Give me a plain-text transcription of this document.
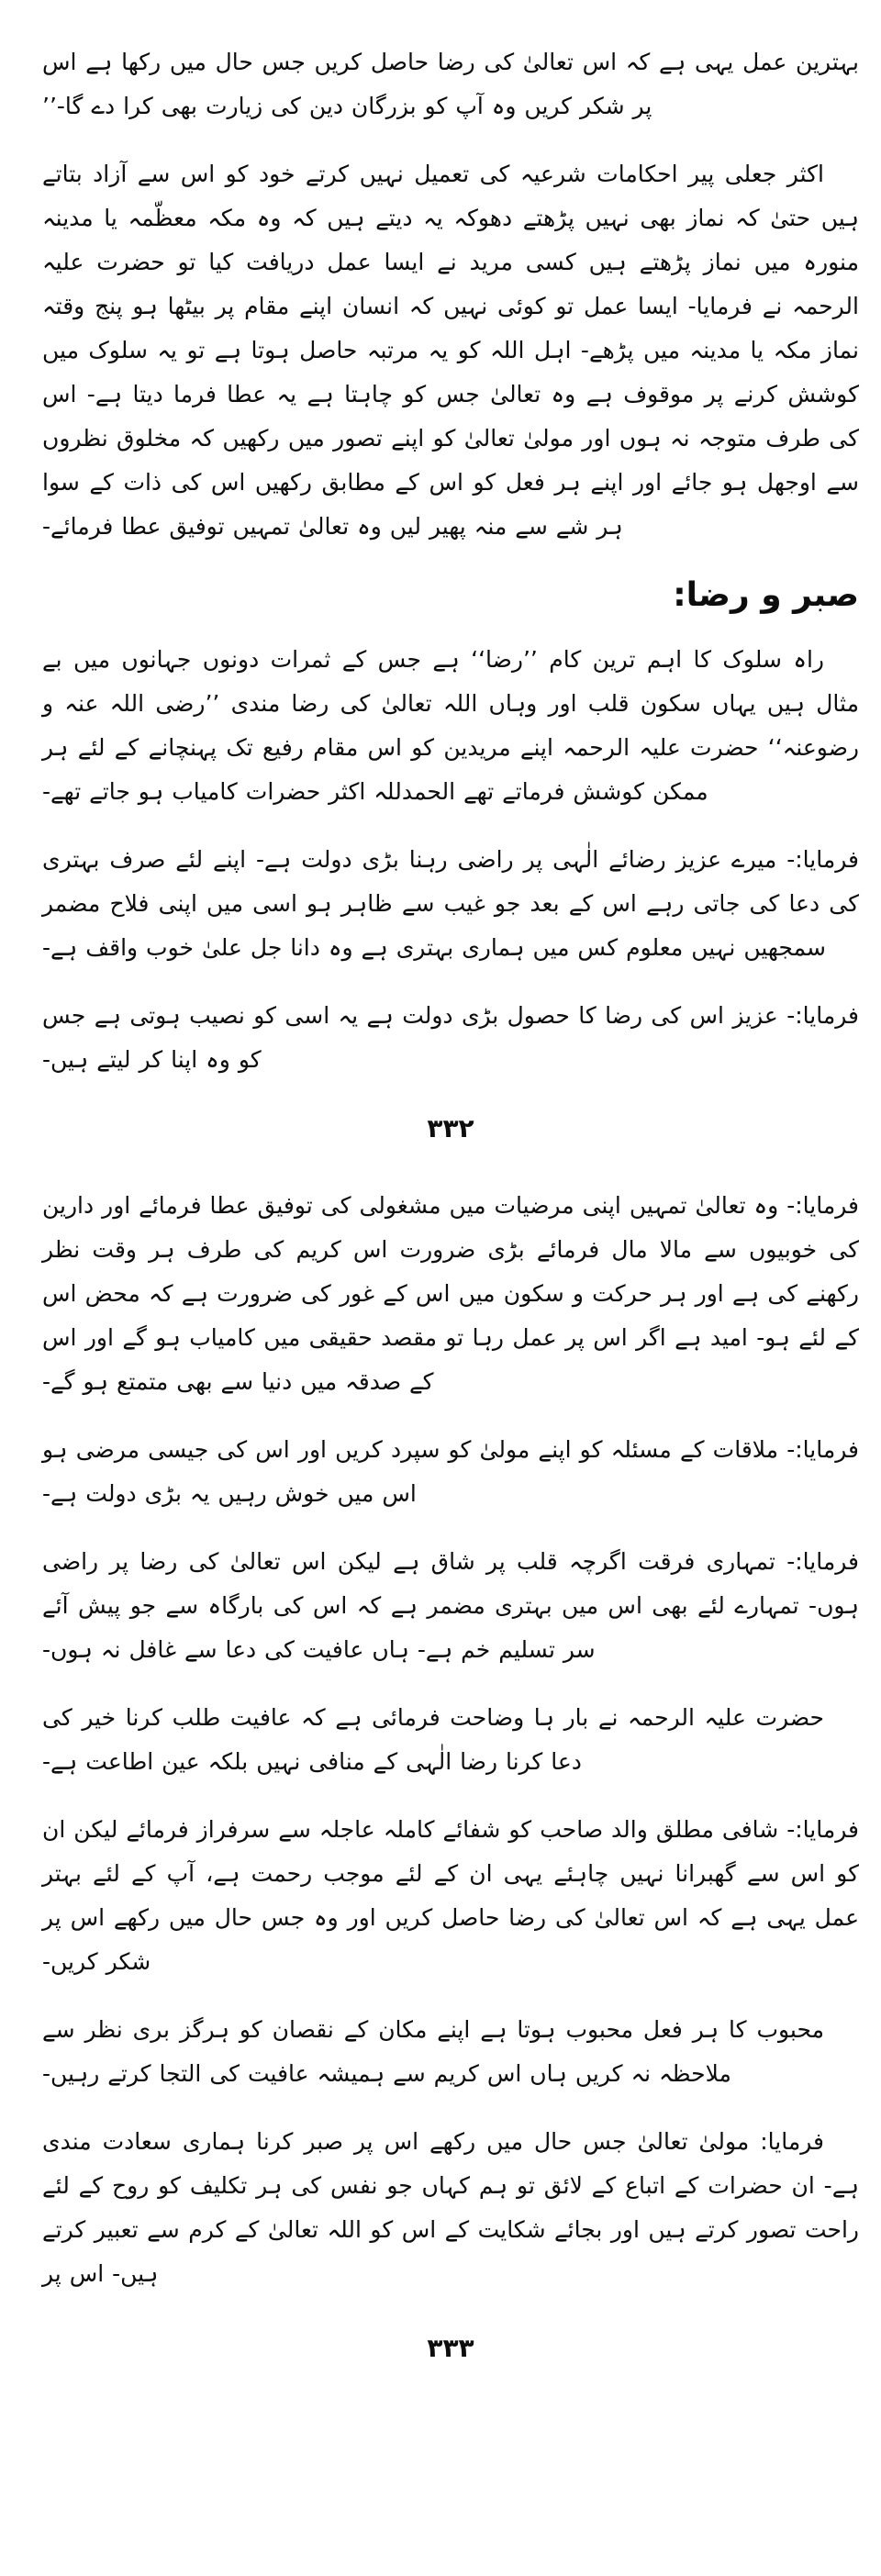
بہترین عمل یہی ہے کہ اس تعالیٰ کی رضا حاصل کریں جس حال میں رکھا ہے اس پر شکر کریں وہ آپ کو بزرگان دین کی زیارت بھی کرا دے گا-’’

اکثر جعلی پیر احکامات شرعیہ کی تعمیل نہیں کرتے خود کو اس سے آزاد بتاتے ہیں حتیٰ کہ نماز بھی نہیں پڑھتے دھوکہ یہ دیتے ہیں کہ وہ مکہ معظّمہ یا مدینہ منورہ میں نماز پڑھتے ہیں کسی مرید نے ایسا عمل دریافت کیا تو حضرت علیہ الرحمہ نے فرمایا- ایسا عمل تو کوئی نہیں کہ انسان اپنے مقام پر بیٹھا ہو پنج وقتہ نماز مکہ یا مدینہ میں پڑھے- اہل اللہ کو یہ مرتبہ حاصل ہوتا ہے تو یہ سلوک میں کوشش کرنے پر موقوف ہے وہ تعالیٰ جس کو چاہتا ہے یہ عطا فرما دیتا ہے- اس کی طرف متوجہ نہ ہوں اور مولیٰ تعالیٰ کو اپنے تصور میں رکھیں کہ مخلوق نظروں سے اوجھل ہو جائے اور اپنے ہر فعل کو اس کے مطابق رکھیں اس کی ذات کے سوا ہر شے سے منہ پھیر لیں وہ تعالیٰ تمہیں توفیق عطا فرمائے-

صبر و رضا:

راہ سلوک کا اہم ترین کام ’’رضا‘‘ ہے جس کے ثمرات دونوں جہانوں میں بے مثال ہیں یہاں سکون قلب اور وہاں اللہ تعالیٰ کی رضا مندی ’’رضی اللہ عنہ و رضوعنہ‘‘ حضرت علیہ الرحمہ اپنے مریدین کو اس مقام رفیع تک پہنچانے کے لئے ہر ممکن کوشش فرماتے تھے الحمدللہ اکثر حضرات کامیاب ہو جاتے تھے-

فرمایا:- میرے عزیز رضائے الٰہی پر راضی رہنا بڑی دولت ہے- اپنے لئے صرف بہتری کی دعا کی جاتی رہے اس کے بعد جو غیب سے ظاہر ہو اسی میں اپنی فلاح مضمر سمجھیں نہیں معلوم کس میں ہماری بہتری ہے وہ دانا جل علیٰ خوب واقف ہے-

فرمایا:- عزیز اس کی رضا کا حصول بڑی دولت ہے یہ اسی کو نصیب ہوتی ہے جس کو وہ اپنا کر لیتے ہیں-

۳۳۲

فرمایا:- وہ تعالیٰ تمہیں اپنی مرضیات میں مشغولی کی توفیق عطا فرمائے اور دارین کی خوبیوں سے مالا مال فرمائے بڑی ضرورت اس کریم کی طرف ہر وقت نظر رکھنے کی ہے اور ہر حرکت و سکون میں اس کے غور کی ضرورت ہے کہ محض اس کے لئے ہو- امید ہے اگر اس پر عمل رہا تو مقصد حقیقی میں کامیاب ہو گے اور اس کے صدقہ میں دنیا سے بھی متمتع ہو گے-

فرمایا:- ملاقات کے مسئلہ کو اپنے مولیٰ کو سپرد کریں اور اس کی جیسی مرضی ہو اس میں خوش رہیں یہ بڑی دولت ہے-

فرمایا:- تمہاری فرقت اگرچہ قلب پر شاق ہے لیکن اس تعالیٰ کی رضا پر راضی ہوں- تمہارے لئے بھی اس میں بہتری مضمر ہے کہ اس کی بارگاہ سے جو پیش آئے سر تسلیم خم ہے- ہاں عافیت کی دعا سے غافل نہ ہوں-

حضرت علیہ الرحمہ نے بار ہا وضاحت فرمائی ہے کہ عافیت طلب کرنا خیر کی دعا کرنا رضا الٰہی کے منافی نہیں بلکہ عین اطاعت ہے-

فرمایا:- شافی مطلق والد صاحب کو شفائے کاملہ عاجلہ سے سرفراز فرمائے لیکن ان کو اس سے گھبرانا نہیں چاہئے یہی ان کے لئے موجب رحمت ہے، آپ کے لئے بہتر عمل یہی ہے کہ اس تعالیٰ کی رضا حاصل کریں اور وہ جس حال میں رکھے اس پر شکر کریں-

محبوب کا ہر فعل محبوب ہوتا ہے اپنے مکان کے نقصان کو ہرگز بری نظر سے ملاحظہ نہ کریں ہاں اس کریم سے ہمیشہ عافیت کی التجا کرتے رہیں-

فرمایا: مولیٰ تعالیٰ جس حال میں رکھے اس پر صبر کرنا ہماری سعادت مندی ہے- ان حضرات کے اتباع کے لائق تو ہم کہاں جو نفس کی ہر تکلیف کو روح کے لئے راحت تصور کرتے ہیں اور بجائے شکایت کے اس کو اللہ تعالیٰ کے کرم سے تعبیر کرتے ہیں- اس پر

۳۳۳
